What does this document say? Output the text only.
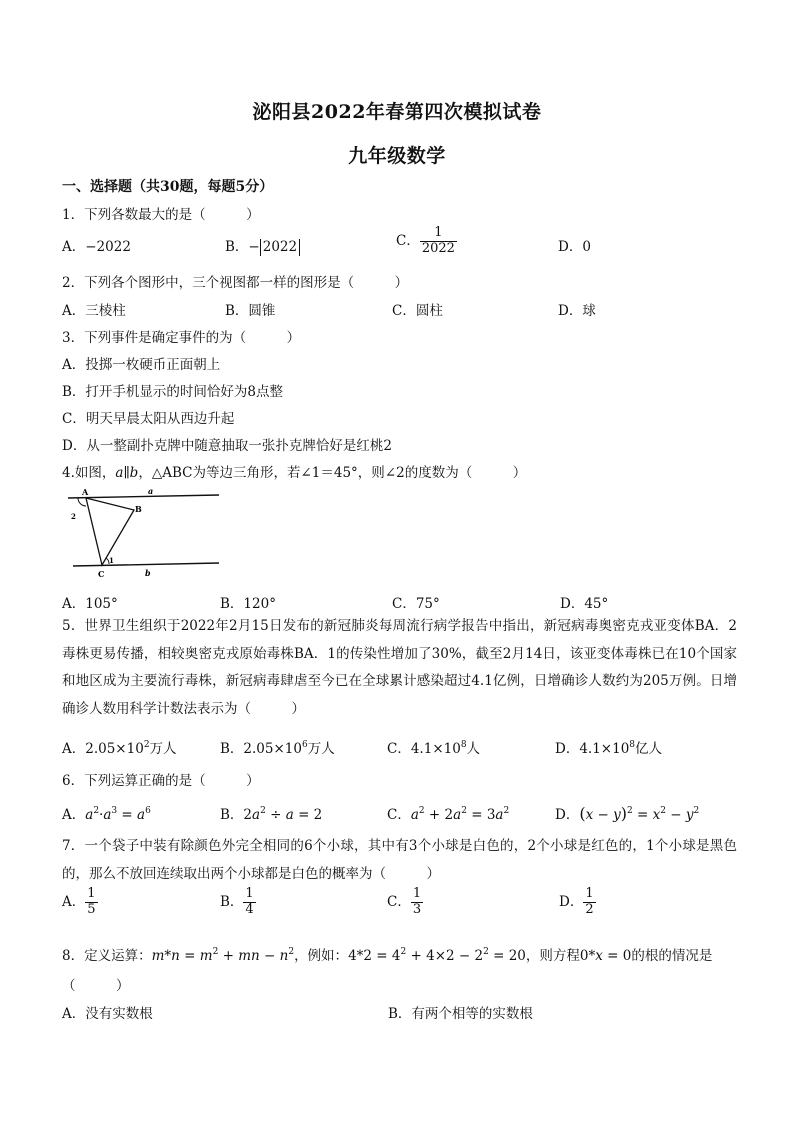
泌阳县2022年春第四次模拟试卷
九年级数学
一、选择题（共30题，每题5分）
1．下列各数最大的是（　　　）
A．−2022	B．− 2022	C． $\frac{1}{2022}$	D．0
2．下列各个图形中，三个视图都一样的图形是（　　　）
A．三棱柱	B．圆锥	C．圆柱	D．球
3．下列事件是确定事件的为（　　　）
A．投掷一枚硬币正面朝上
B．打开手机显示的时间恰好为8点整
C．明天早晨太阳从西边升起
D．从一整副扑克牌中随意抽取一张扑克牌恰好是红桃2
4.如图，a∥b，△ABC为等边三角形，若∠1＝45°，则∠2的度数为（　　　）
A
B
C
a
b
1
2
A．105°	B．120°	C．75°	D．45°
5．世界卫生组织于2022年2月15日发布的新冠肺炎每周流行病学报告中指出，新冠病毒奥密克戎亚变体BA．2毒株更易传播，相较奥密克戎原始毒株BA．1的传染性增加了30%，截至2月14日，该亚变体毒株已在10个国家和地区成为主要流行毒株，新冠病毒肆虐至今已在全球累计感染超过4.1亿例，日增确诊人数约为205万例。日增确诊人数用科学计数法表示为（　　　）
A．$2.05\times 10^2$万人	B．$2.05\times 10^6$万人	C．$4.1\times 10^8$人	D．$4.1\times 10^8$亿人
6．下列运算正确的是（　　　）
A．$a^2\cdot a^3 = a^6$	B．$2a^2 \div a = 2$	C．$a^2 + 2a^2 = 3a^2$	D．$(x - y)^2 = x^2 - y^2$
7．一个袋子中装有除颜色外完全相同的6个小球，其中有3个小球是白色的，2个小球是红色的，1个小球是黑色的，那么不放回连续取出两个小球都是白色的概率为（　　　）
A． $\frac{1}{5}$	B． $\frac{1}{4}$	C． $\frac{1}{3}$	D． $\frac{1}{2}$
8．定义运算：$m*n = m^2$ + mn − $n^2$，例如：$4*2 = 4^2 + 4\times 2 - 2^2 = 20$，则方程0*x = 0的根的情况是
（　　　）
A．没有实数根	B．有两个相等的实数根
